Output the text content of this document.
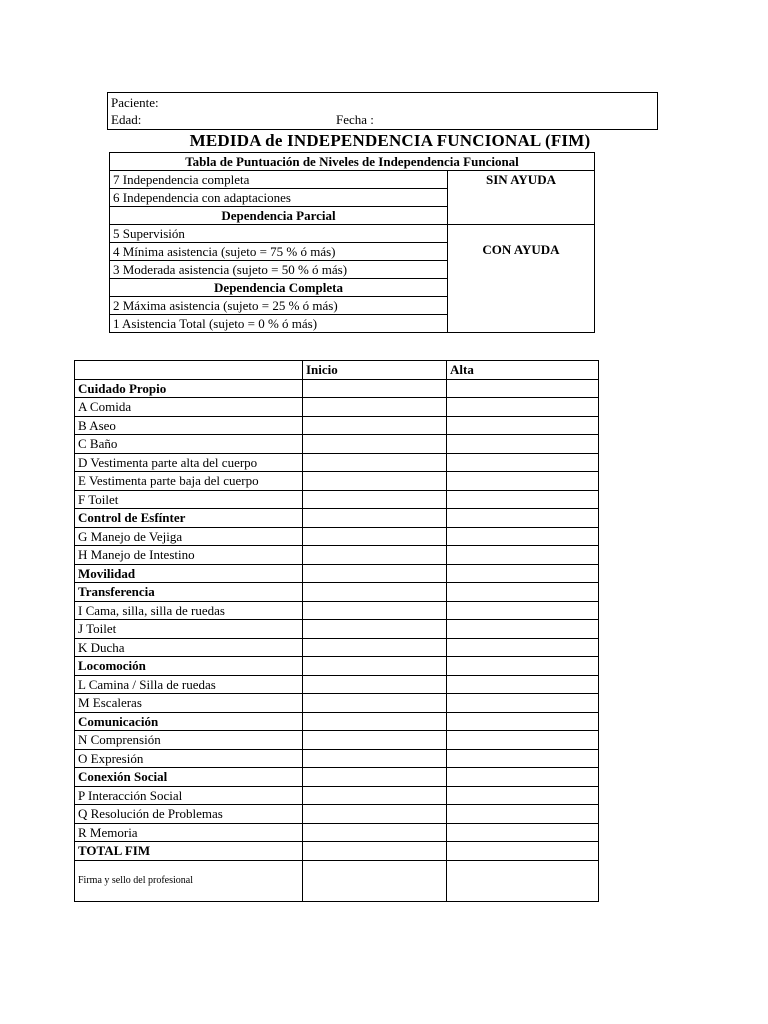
Paciente:
Edad:	Fecha :
MEDIDA de INDEPENDENCIA FUNCIONAL (FIM)
Tabla de Puntuación de Niveles de Independencia Funcional	
7 Independencia completa	SIN AYUDA
6 Independencia con adaptaciones	
Dependencia Parcial	
5 Supervisión	CON AYUDA
4 Mínima asistencia (sujeto = 75 % ó más)	
3 Moderada asistencia (sujeto = 50 % ó más)	
Dependencia Completa	
2 Máxima asistencia (sujeto = 25 % ó más)	
1 Asistencia Total (sujeto = 0 % ó más)	
	Inicio	Alta
Cuidado Propio		
A Comida		
B Aseo		
C Baño		
D Vestimenta parte alta del cuerpo		
E Vestimenta parte baja del cuerpo		
F Toilet		
Control de Esfínter		
G Manejo de Vejiga		
H Manejo de Intestino		
Movilidad		
Transferencia		
I Cama, silla, silla de ruedas		
J Toilet		
K Ducha		
Locomoción		
L Camina / Silla de ruedas		
M Escaleras		
Comunicación		
N Comprensión		
O Expresión		
Conexión Social		
P Interacción Social		
Q Resolución de Problemas		
R Memoria		
TOTAL FIM		
Firma y sello del profesional		
